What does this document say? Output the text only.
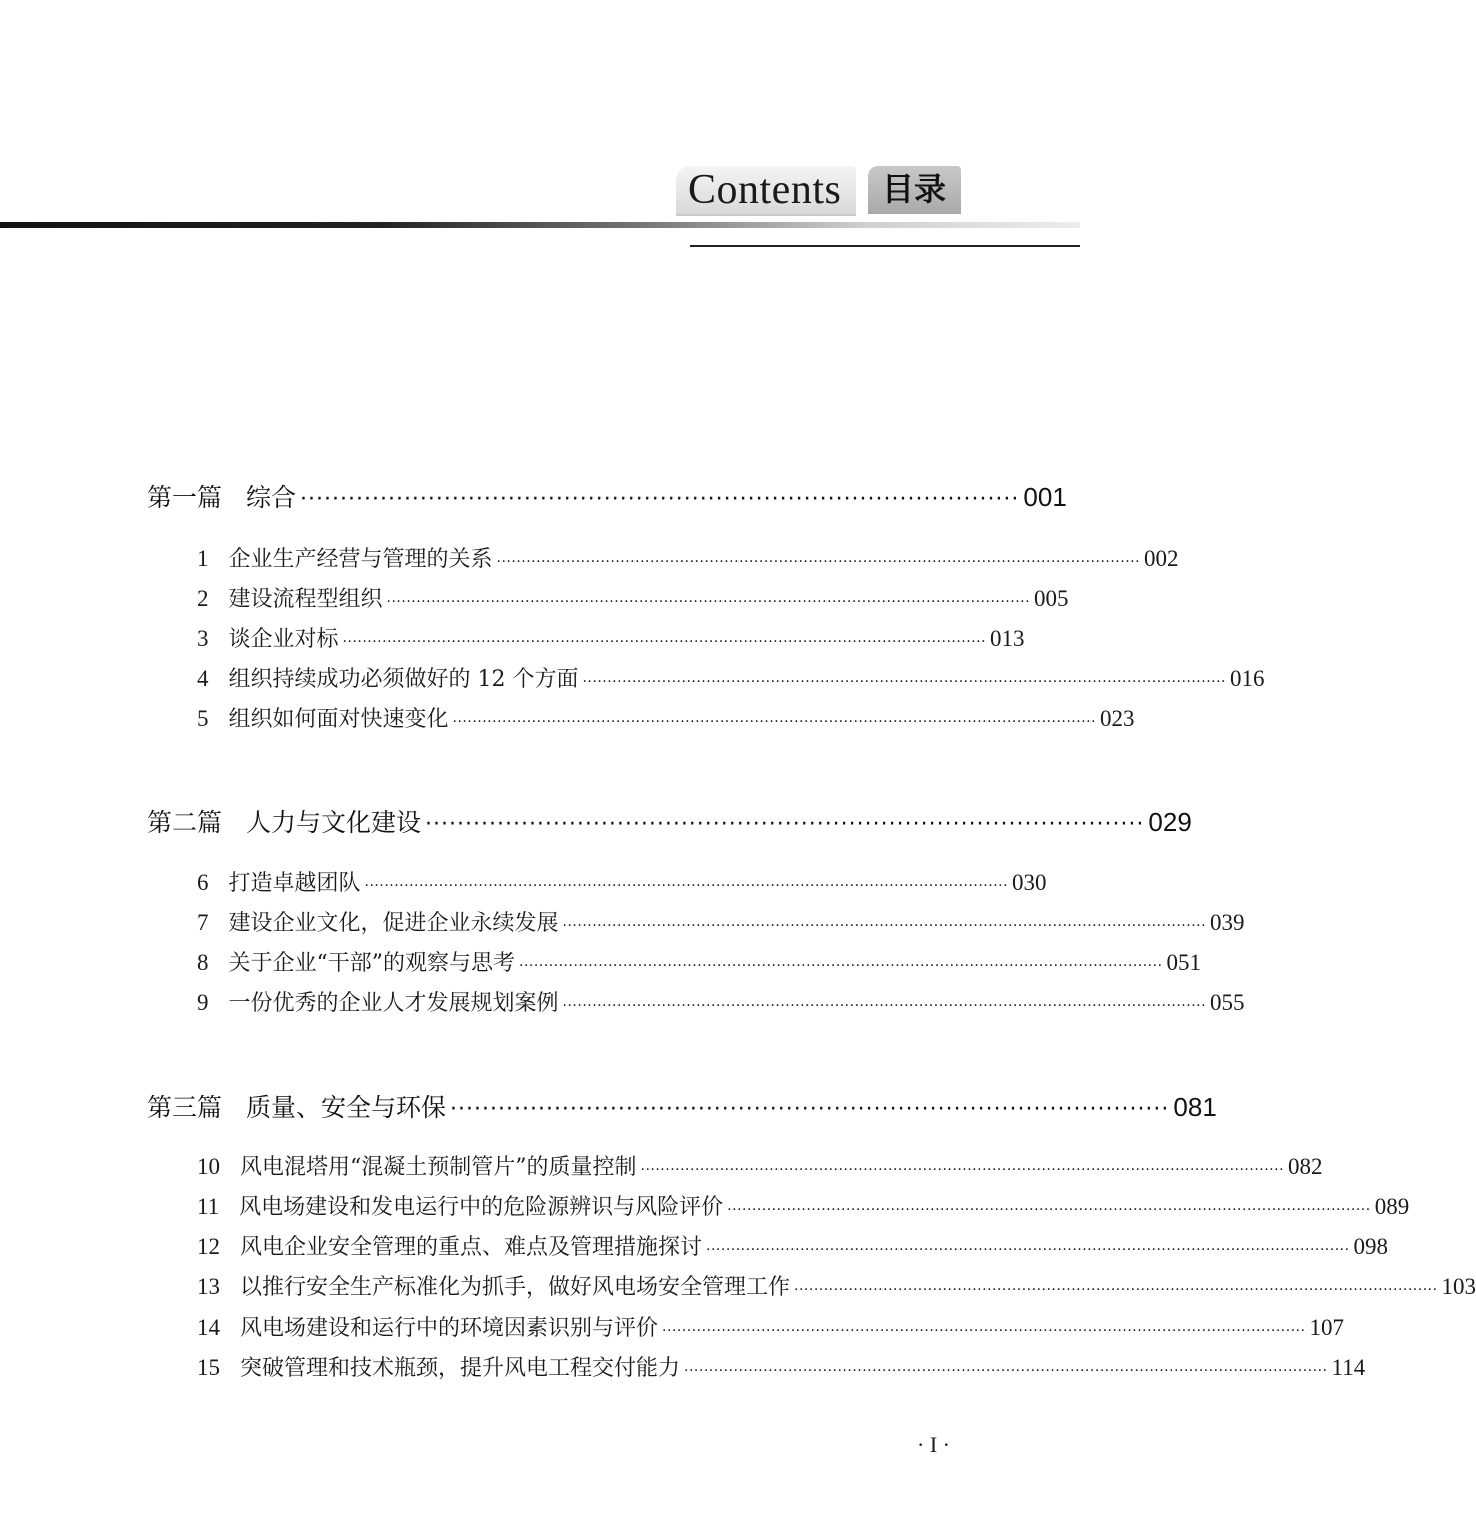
Contents 目录
第一篇 综合 ·························································································· 001
1 企业生产经营与管理的关系 ·································································································································· 002
2 建设流程型组织 ·································································································································· 005
3 谈企业对标 ·································································································································· 013
4 组织持续成功必须做好的 12 个方面 ·································································································································· 016
5 组织如何面对快速变化 ·································································································································· 023
第二篇 人力与文化建设 ·························································································· 029
6 打造卓越团队 ·································································································································· 030
7 建设企业文化，促进企业永续发展 ·································································································································· 039
8 关于企业“干部”的观察与思考 ·································································································································· 051
9 一份优秀的企业人才发展规划案例 ·································································································································· 055
第三篇 质量、安全与环保 ·························································································· 081
10 风电混塔用“混凝土预制管片”的质量控制 ·································································································································· 082
11 风电场建设和发电运行中的危险源辨识与风险评价 ·································································································································· 089
12 风电企业安全管理的重点、难点及管理措施探讨 ·································································································································· 098
13 以推行安全生产标准化为抓手，做好风电场安全管理工作 ·································································································································· 103
14 风电场建设和运行中的环境因素识别与评价 ·································································································································· 107
15 突破管理和技术瓶颈，提升风电工程交付能力 ·································································································································· 114
· I ·
